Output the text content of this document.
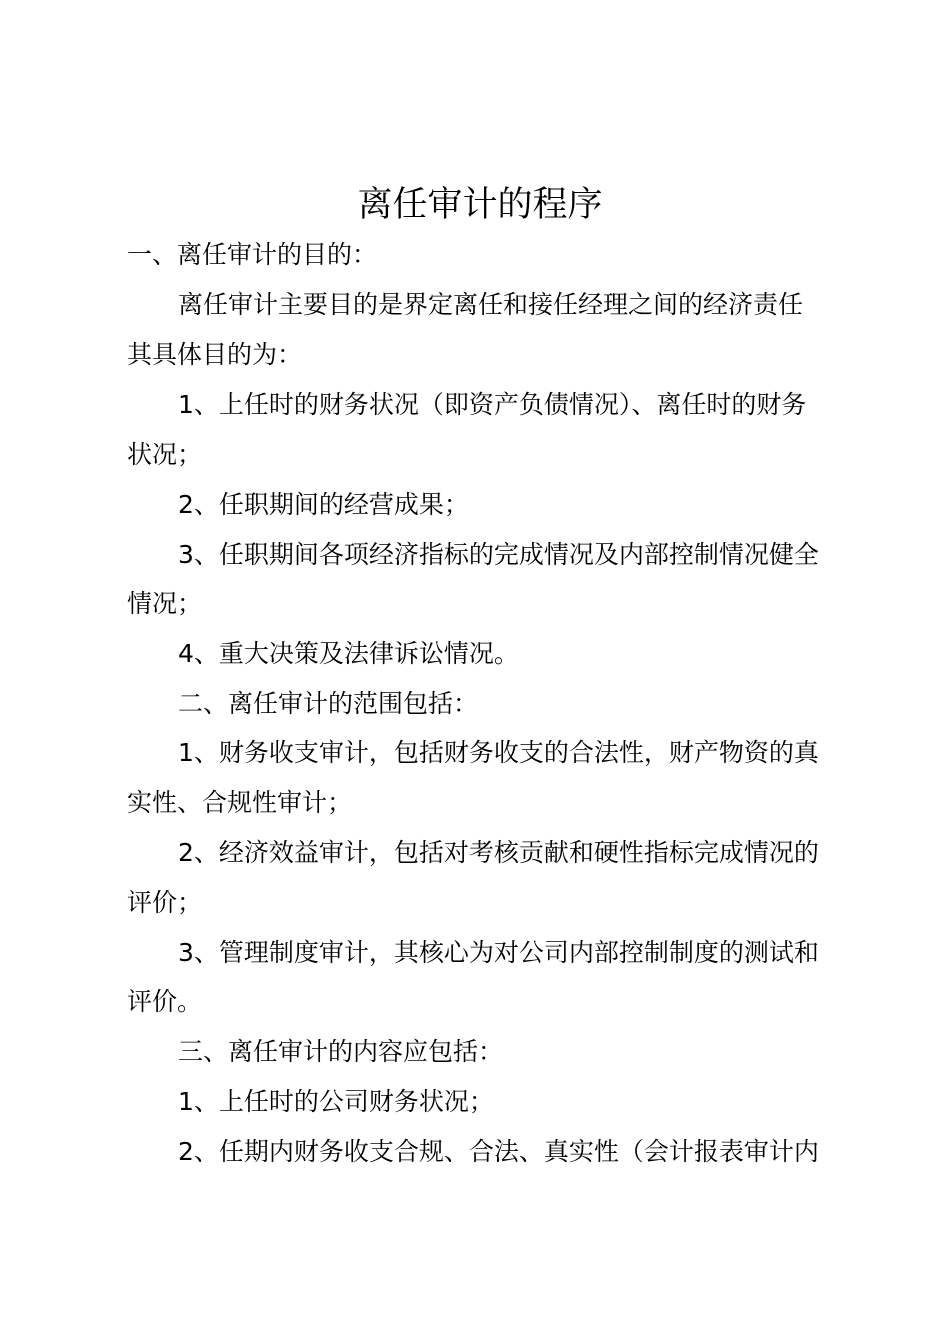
离任审计的程序
一、离任审计的目的：
离任审计主要目的是界定离任和接任经理之间的经济责任
其具体目的为：
1、上任时的财务状况（即资产负债情况）、离任时的财务
状况；
2、任职期间的经营成果；
3、任职期间各项经济指标的完成情况及内部控制情况健全
情况；
4、重大决策及法律诉讼情况。
二、离任审计的范围包括：
1、财务收支审计，包括财务收支的合法性，财产物资的真
实性、合规性审计；
2、经济效益审计，包括对考核贡献和硬性指标完成情况的
评价；
3、管理制度审计，其核心为对公司内部控制制度的测试和
评价。
三、离任审计的内容应包括：
1、上任时的公司财务状况；
2、任期内财务收支合规、合法、真实性（会计报表审计内
